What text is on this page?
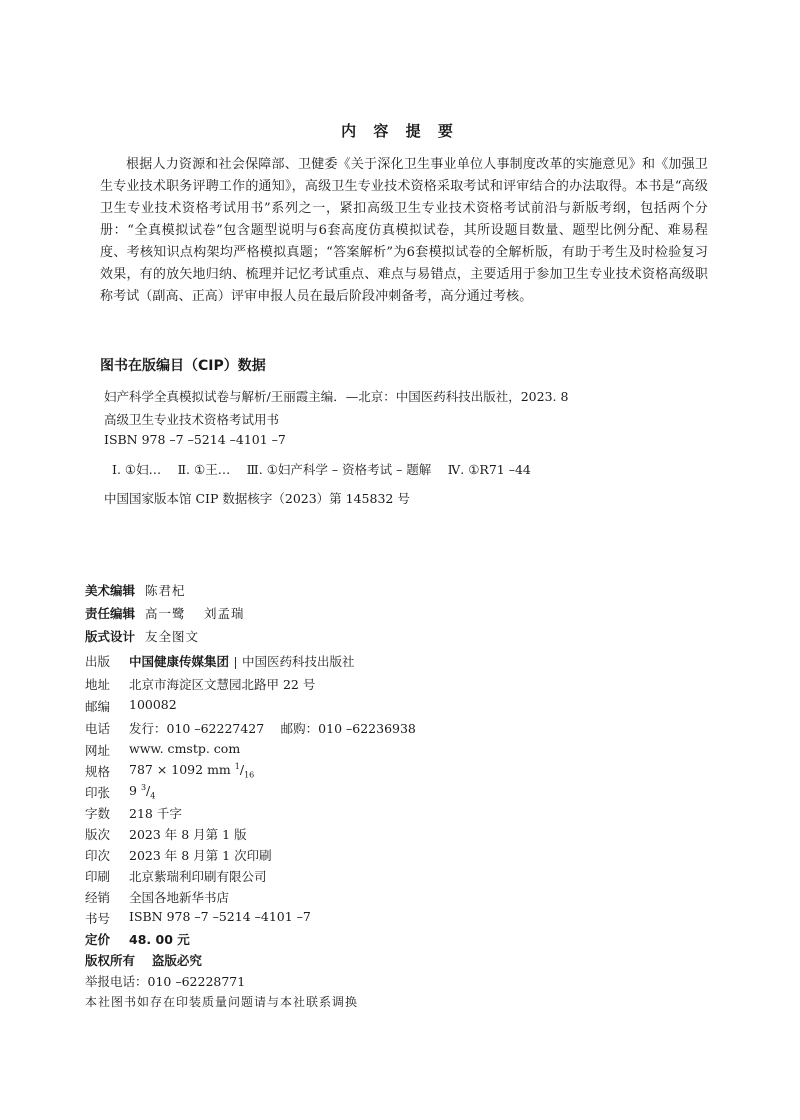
内 容 提 要
根据人力资源和社会保障部、卫健委《关于深化卫生事业单位人事制度改革的实施意见》和《加强卫生专业技术职务评聘工作的通知》，高级卫生专业技术资格采取考试和评审结合的办法取得。本书是“高级卫生专业技术资格考试用书”系列之一，紧扣高级卫生专业技术资格考试前沿与新版考纲，包括两个分册：“全真模拟试卷”包含题型说明与6套高度仿真模拟试卷，其所设题目数量、题型比例分配、难易程度、考核知识点构架均严格模拟真题；“答案解析”为6套模拟试卷的全解析版，有助于考生及时检验复习效果，有的放矢地归纳、梳理并记忆考试重点、难点与易错点，主要适用于参加卫生专业技术资格高级职称考试（副高、正高）评审申报人员在最后阶段冲刺备考，高分通过考核。
图书在版编目（CIP）数据
妇产科学全真模拟试卷与解析/王丽霞主编．—北京：中国医药科技出版社，2023. 8
高级卫生专业技术资格考试用书
ISBN 978 –7 –5214 –4101 –7
Ⅰ. ①妇…　 Ⅱ. ①王…　 Ⅲ. ①妇产科学 – 资格考试 – 题解　 Ⅳ. ①R71 –44
中国国家版本馆 CIP 数据核字（2023）第 145832 号
美术编辑 陈君杞
责任编辑 高一鹭　 刘孟瑞
版式设计 友全图文
出版	中国健康传媒集团 中国医药科技出版社
地址	北京市海淀区文慧园北路甲 22 号
邮编	100082
电话	发行：010 –62227427　 邮购：010 –62236938
网址	www. cmstp. com
规格	787 × 1092 mm $^1/_{16}$
印张	9 $^3/_4$
字数	218 千字
版次	2023 年 8 月第 1 版
印次	2023 年 8 月第 1 次印刷
印刷	北京紫瑞利印刷有限公司
经销	全国各地新华书店
书号	ISBN 978 –7 –5214 –4101 –7
定价	48. 00 元
版权所有　 盗版必究
举报电话：010 –62228771
本社图书如存在印装质量问题请与本社联系调换
